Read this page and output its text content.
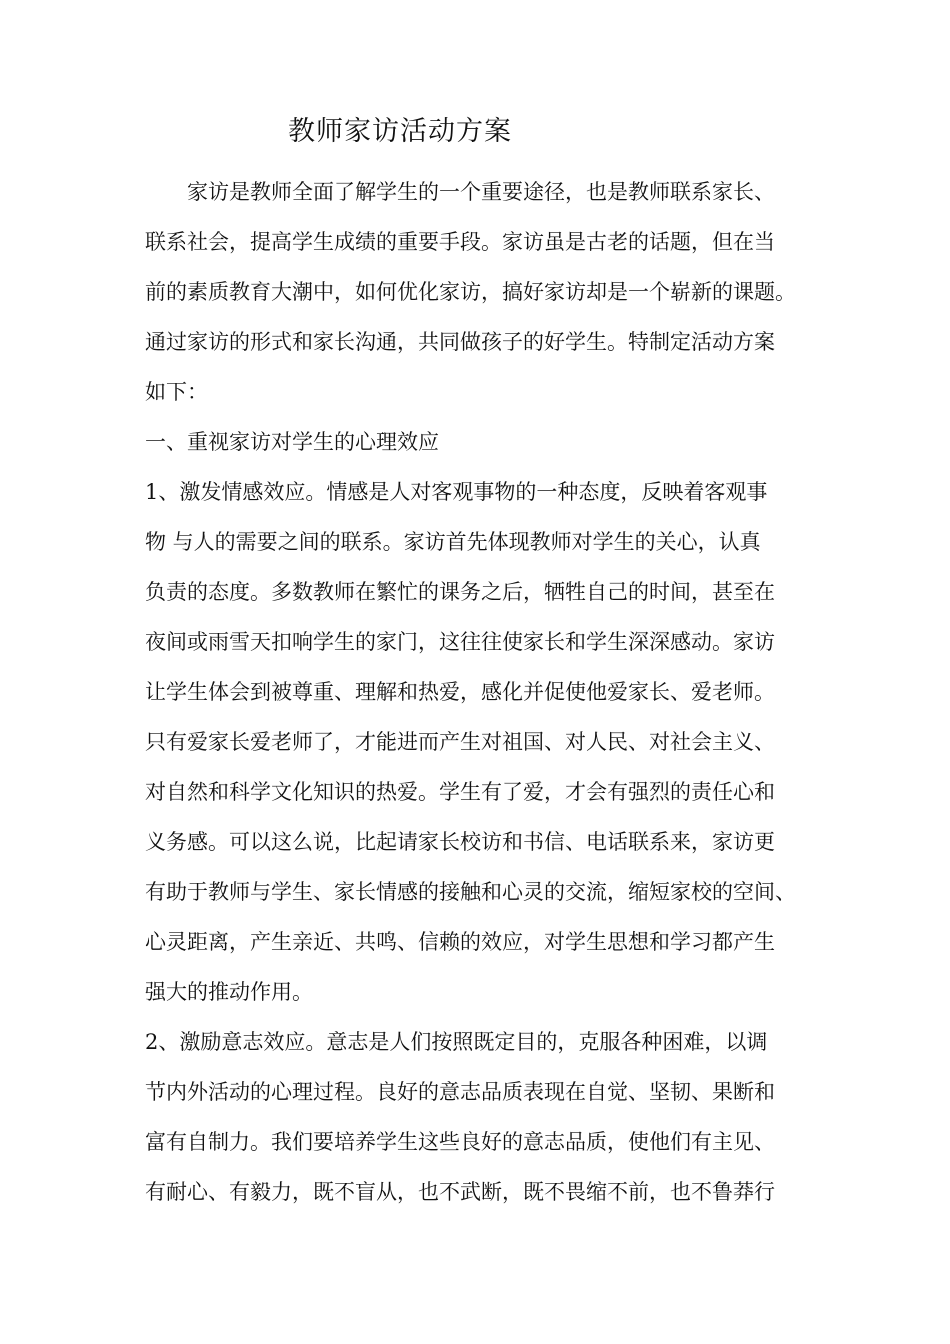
教师家访活动方案
家访是教师全面了解学生的一个重要途径，也是教师联系家长、
联系社会，提高学生成绩的重要手段。家访虽是古老的话题，但在当
前的素质教育大潮中，如何优化家访，搞好家访却是一个崭新的课题。
通过家访的形式和家长沟通，共同做孩子的好学生。特制定活动方案
如下：
一、重视家访对学生的心理效应
1、激发情感效应。情感是人对客观事物的一种态度，反映着客观事
物 与人的需要之间的联系。家访首先体现教师对学生的关心，认真
负责的态度。多数教师在繁忙的课务之后，牺牲自己的时间，甚至在
夜间或雨雪天扣响学生的家门，这往往使家长和学生深深感动。家访
让学生体会到被尊重、理解和热爱，感化并促使他爱家长、爱老师。
只有爱家长爱老师了，才能进而产生对祖国、对人民、对社会主义、
对自然和科学文化知识的热爱。学生有了爱，才会有强烈的责任心和
义务感。可以这么说，比起请家长校访和书信、电话联系来，家访更
有助于教师与学生、家长情感的接触和心灵的交流，缩短家校的空间、
心灵距离，产生亲近、共鸣、信赖的效应，对学生思想和学习都产生
强大的推动作用。
2、激励意志效应。意志是人们按照既定目的，克服各种困难，以调
节内外活动的心理过程。良好的意志品质表现在自觉、坚韧、果断和
富有自制力。我们要培养学生这些良好的意志品质，使他们有主见、
有耐心、有毅力，既不盲从，也不武断，既不畏缩不前，也不鲁莽行
